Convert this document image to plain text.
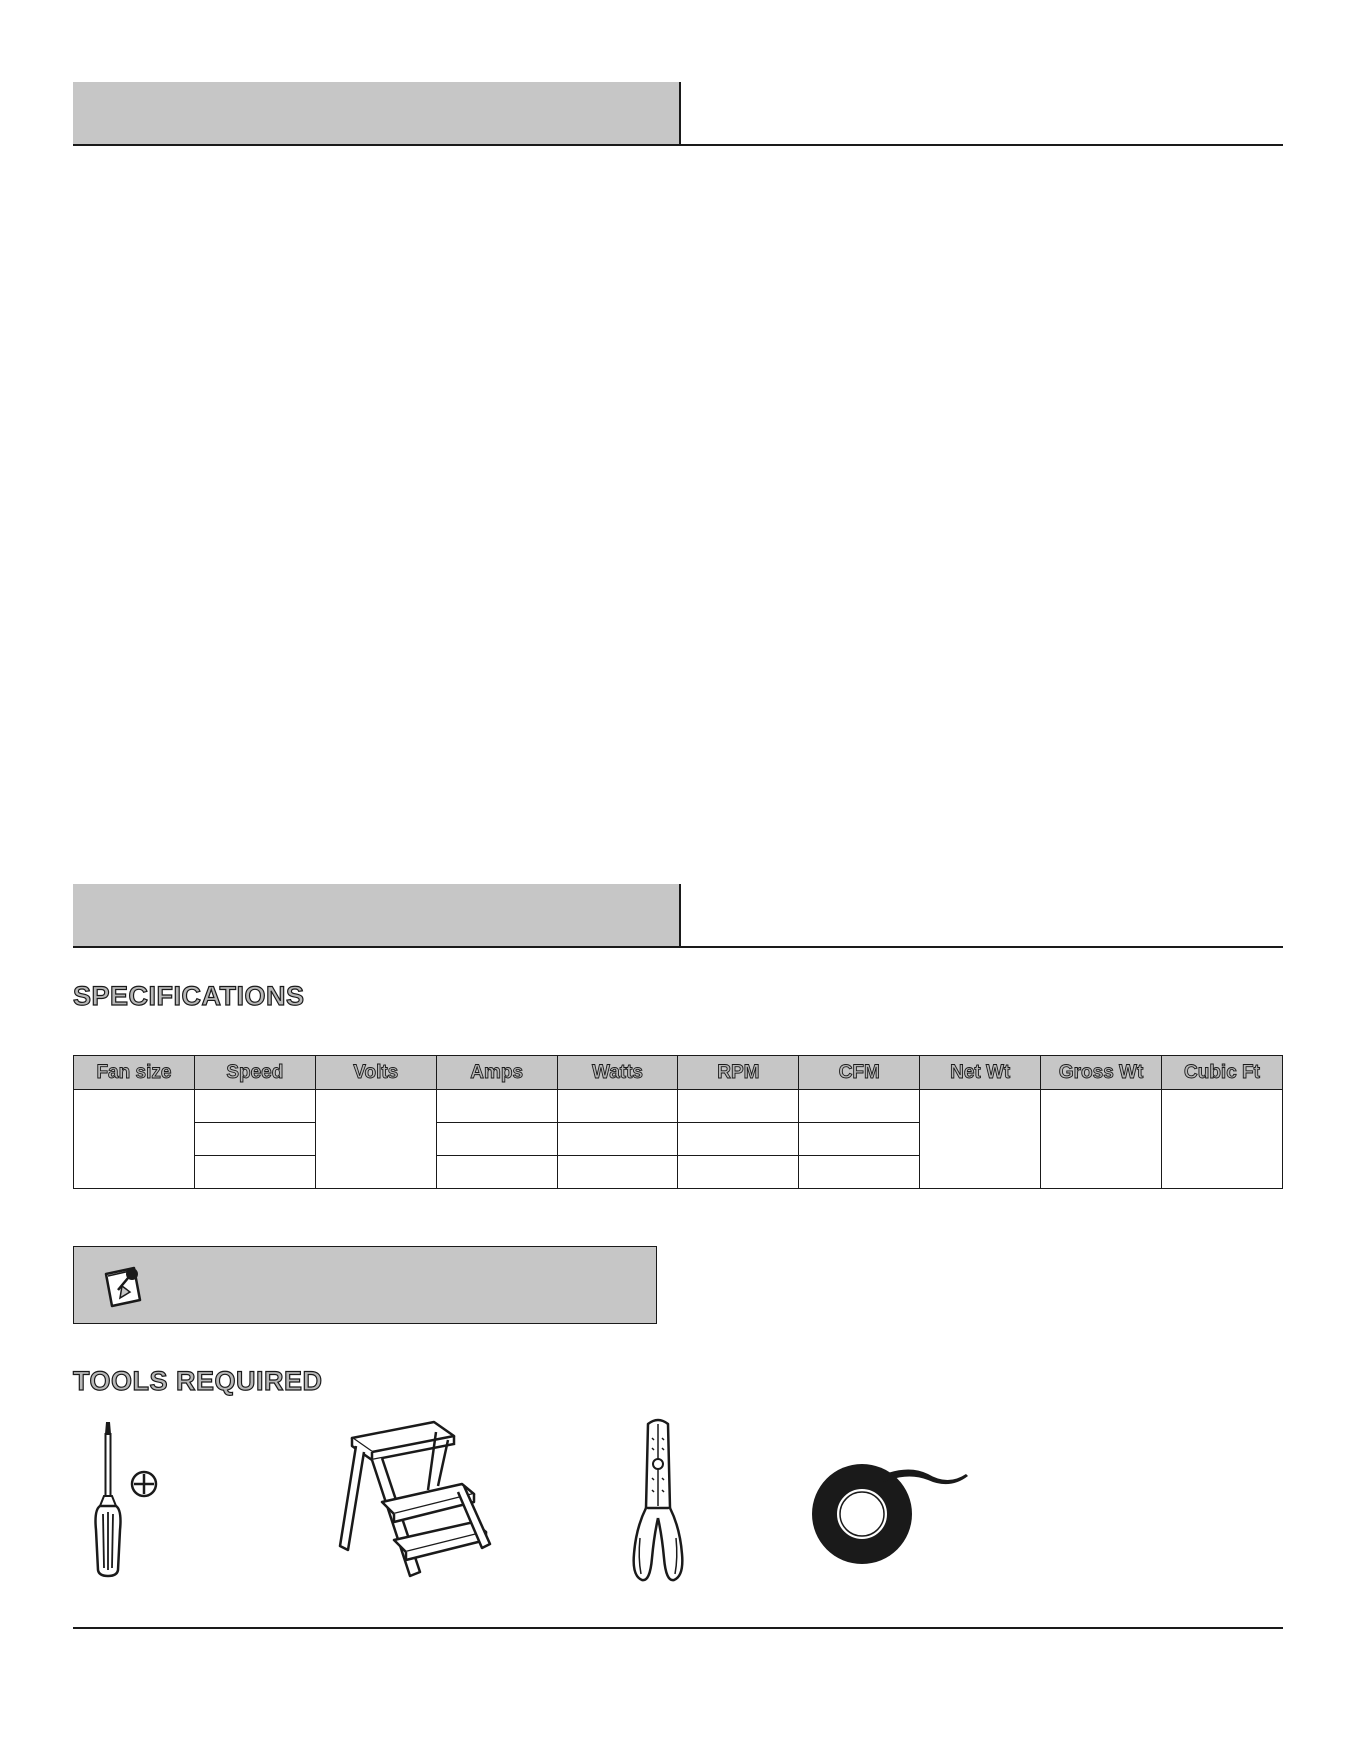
SPECIFICATIONS
Fan size	Speed	Volts	Amps	Watts	RPM	CFM	Net Wt	Gross Wt	Cubic Ft

TOOLS REQUIRED
